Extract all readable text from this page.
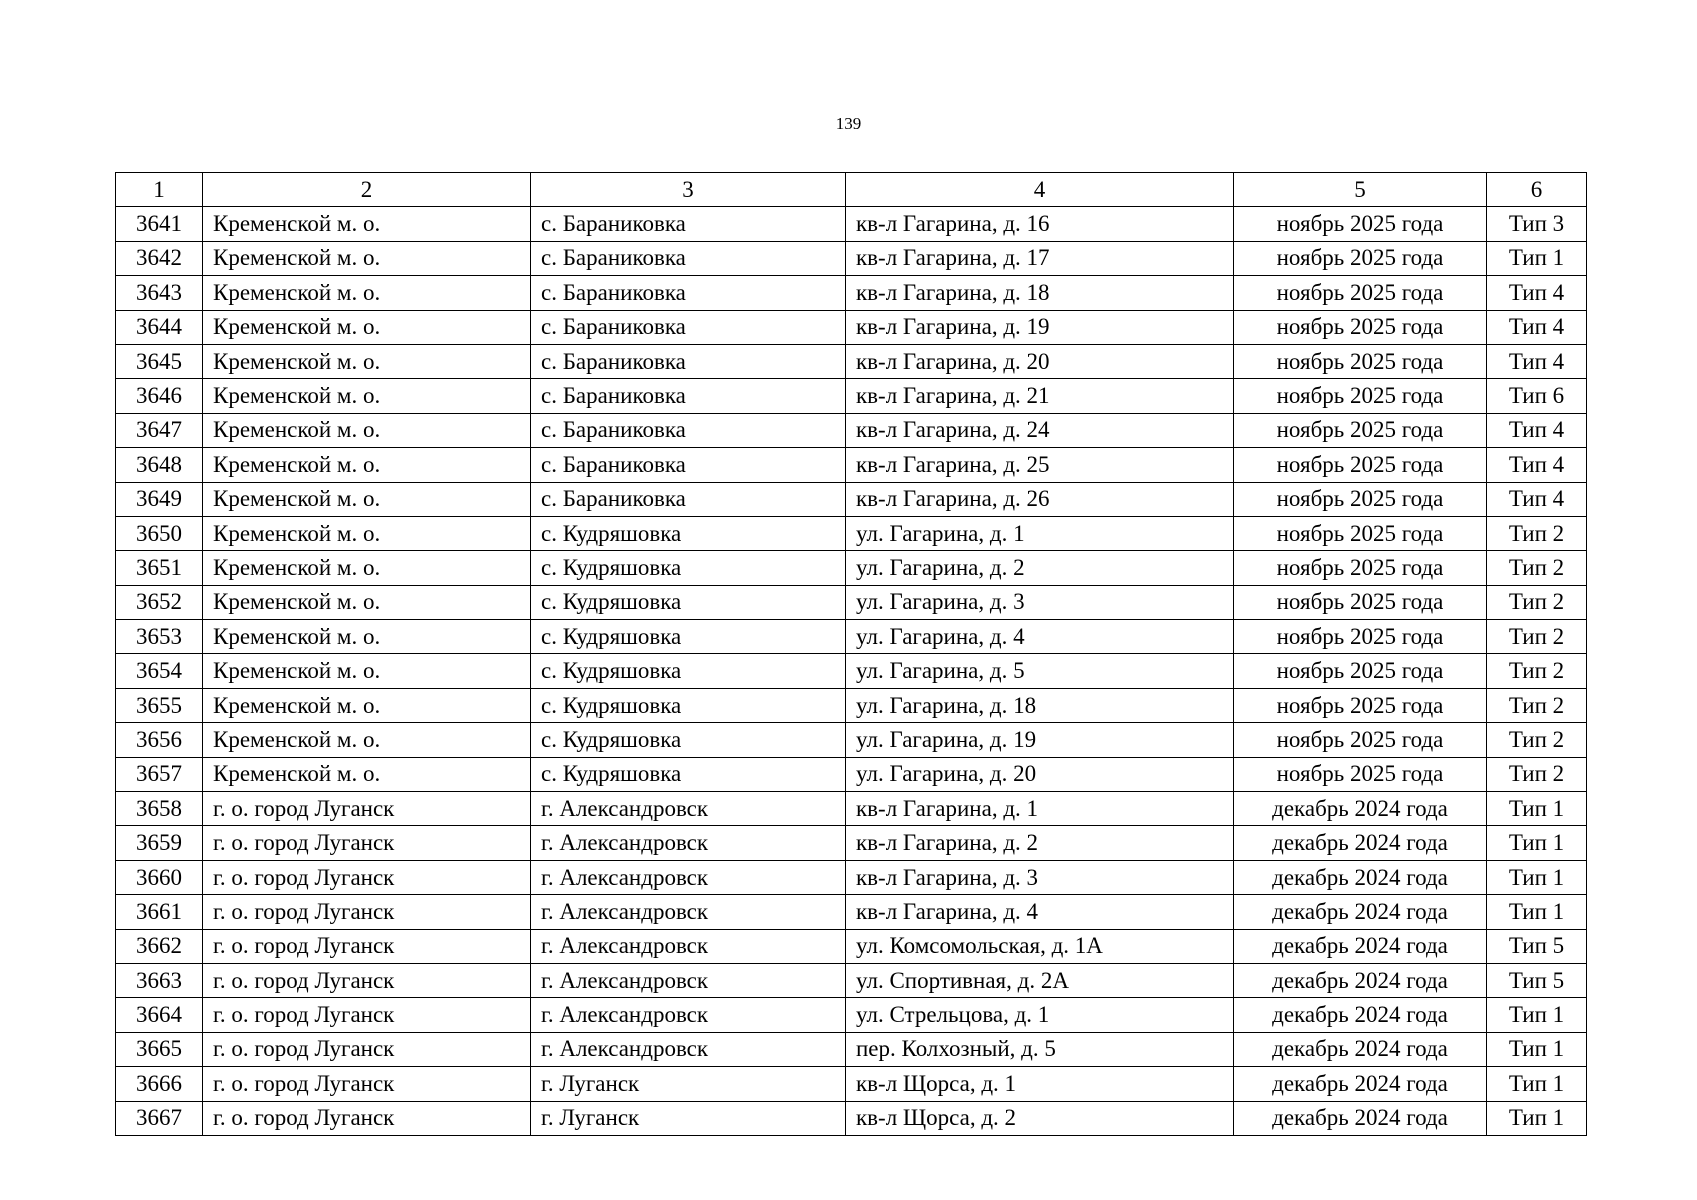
139
1	2	3	4	5	6
3641	Кременской м. о.	с. Бараниковка	кв-л Гагарина, д. 16	ноябрь 2025 года	Тип 3
3642	Кременской м. о.	с. Бараниковка	кв-л Гагарина, д. 17	ноябрь 2025 года	Тип 1
3643	Кременской м. о.	с. Бараниковка	кв-л Гагарина, д. 18	ноябрь 2025 года	Тип 4
3644	Кременской м. о.	с. Бараниковка	кв-л Гагарина, д. 19	ноябрь 2025 года	Тип 4
3645	Кременской м. о.	с. Бараниковка	кв-л Гагарина, д. 20	ноябрь 2025 года	Тип 4
3646	Кременской м. о.	с. Бараниковка	кв-л Гагарина, д. 21	ноябрь 2025 года	Тип 6
3647	Кременской м. о.	с. Бараниковка	кв-л Гагарина, д. 24	ноябрь 2025 года	Тип 4
3648	Кременской м. о.	с. Бараниковка	кв-л Гагарина, д. 25	ноябрь 2025 года	Тип 4
3649	Кременской м. о.	с. Бараниковка	кв-л Гагарина, д. 26	ноябрь 2025 года	Тип 4
3650	Кременской м. о.	с. Кудряшовка	ул. Гагарина, д. 1	ноябрь 2025 года	Тип 2
3651	Кременской м. о.	с. Кудряшовка	ул. Гагарина, д. 2	ноябрь 2025 года	Тип 2
3652	Кременской м. о.	с. Кудряшовка	ул. Гагарина, д. 3	ноябрь 2025 года	Тип 2
3653	Кременской м. о.	с. Кудряшовка	ул. Гагарина, д. 4	ноябрь 2025 года	Тип 2
3654	Кременской м. о.	с. Кудряшовка	ул. Гагарина, д. 5	ноябрь 2025 года	Тип 2
3655	Кременской м. о.	с. Кудряшовка	ул. Гагарина, д. 18	ноябрь 2025 года	Тип 2
3656	Кременской м. о.	с. Кудряшовка	ул. Гагарина, д. 19	ноябрь 2025 года	Тип 2
3657	Кременской м. о.	с. Кудряшовка	ул. Гагарина, д. 20	ноябрь 2025 года	Тип 2
3658	г. о. город Луганск	г. Александровск	кв-л Гагарина, д. 1	декабрь 2024 года	Тип 1
3659	г. о. город Луганск	г. Александровск	кв-л Гагарина, д. 2	декабрь 2024 года	Тип 1
3660	г. о. город Луганск	г. Александровск	кв-л Гагарина, д. 3	декабрь 2024 года	Тип 1
3661	г. о. город Луганск	г. Александровск	кв-л Гагарина, д. 4	декабрь 2024 года	Тип 1
3662	г. о. город Луганск	г. Александровск	ул. Комсомольская, д. 1А	декабрь 2024 года	Тип 5
3663	г. о. город Луганск	г. Александровск	ул. Спортивная, д. 2А	декабрь 2024 года	Тип 5
3664	г. о. город Луганск	г. Александровск	ул. Стрельцова, д. 1	декабрь 2024 года	Тип 1
3665	г. о. город Луганск	г. Александровск	пер. Колхозный, д. 5	декабрь 2024 года	Тип 1
3666	г. о. город Луганск	г. Луганск	кв-л Щорса, д. 1	декабрь 2024 года	Тип 1
3667	г. о. город Луганск	г. Луганск	кв-л Щорса, д. 2	декабрь 2024 года	Тип 1
